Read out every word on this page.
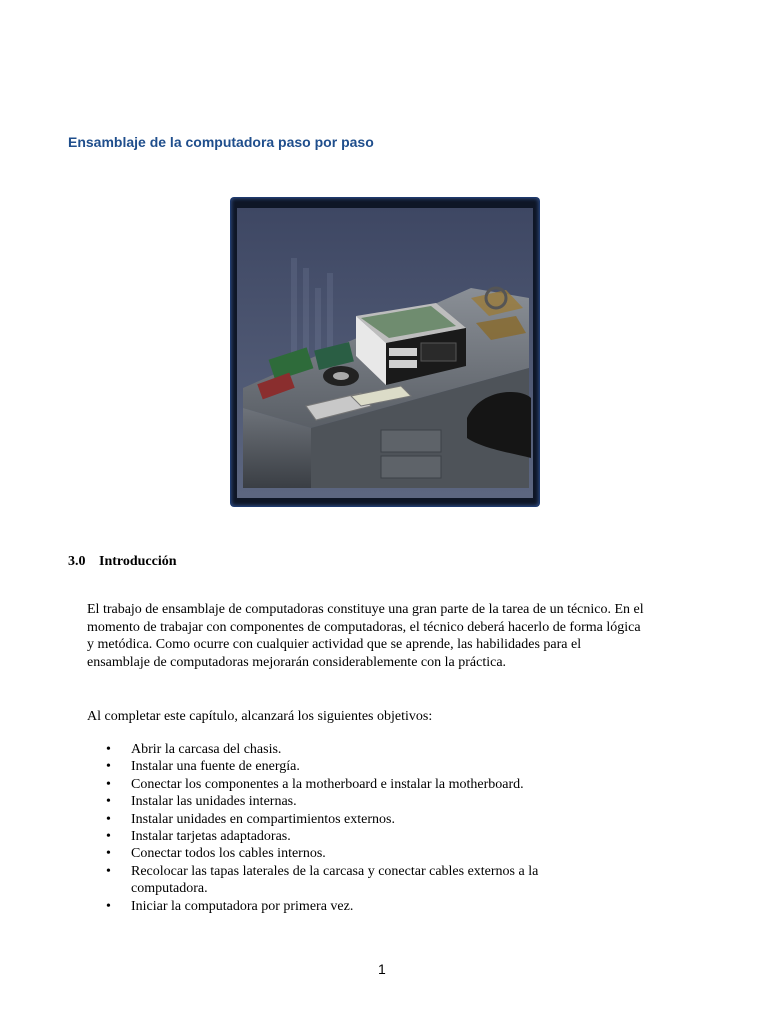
Ensamblaje de la computadora paso por paso
3.0 Introducción

El trabajo de ensamblaje de computadoras constituye una gran parte de la tarea de un técnico. En el momento de trabajar con componentes de computadoras, el técnico deberá hacerlo de forma lógica y metódica. Como ocurre con cualquier actividad que se aprende, las habilidades para el ensamblaje de computadoras mejorarán considerablemente con la práctica.

Al completar este capítulo, alcanzará los siguientes objetivos:

• Abrir la carcasa del chasis.
• Instalar una fuente de energía.
• Conectar los componentes a la motherboard e instalar la motherboard.
• Instalar las unidades internas.
• Instalar unidades en compartimientos externos.
• Instalar tarjetas adaptadoras.
• Conectar todos los cables internos.
• Recolocar las tapas laterales de la carcasa y conectar cables externos a la computadora.
• Iniciar la computadora por primera vez.
1
